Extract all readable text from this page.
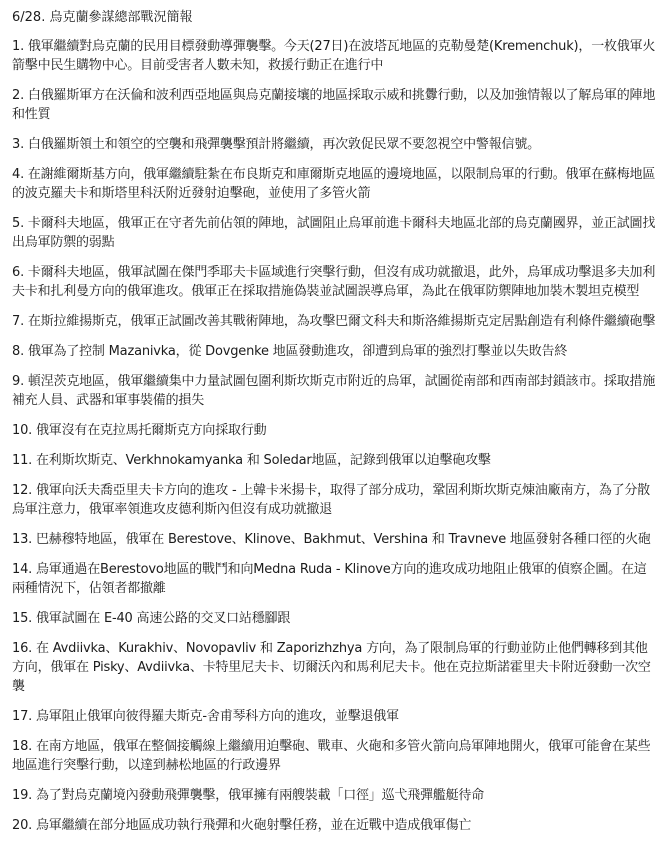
6/28. 烏克蘭參謀總部戰況簡報
1. 俄軍繼續對烏克蘭的民用目標發動導彈襲擊。今天(27日)在波塔瓦地區的克勒曼楚(Kremenchuk)，一枚俄軍火箭擊中民生購物中心。目前受害者人數未知，救援行動正在進行中
2. 白俄羅斯軍方在沃倫和波利西亞地區與烏克蘭接壤的地區採取示威和挑釁行動，以及加強情報以了解烏軍的陣地和性質
3. 白俄羅斯領土和領空的空襲和飛彈襲擊預計將繼續，再次敦促民眾不要忽視空中警報信號。
4. 在謝維爾斯基方向，俄軍繼續駐紮在布良斯克和庫爾斯克地區的邊境地區，以限制烏軍的行動。俄軍在蘇梅地區的波克羅夫卡和斯塔里科沃附近發射迫擊砲，並使用了多管火箭
5. 卡爾科夫地區，俄軍正在守者先前佔領的陣地，試圖阻止烏軍前進卡爾科夫地區北部的烏克蘭國界，並正試圖找出烏軍防禦的弱點
6. 卡爾科夫地區，俄軍試圖在傑門季耶夫卡區域進行突擊行動，但沒有成功就撤退，此外，烏軍成功擊退多夫加利夫卡和扎利曼方向的俄軍進攻。俄軍正在採取措施偽裝並試圖誤導烏軍，為此在俄軍防禦陣地加裝木製坦克模型
7. 在斯拉維揚斯克，俄軍正試圖改善其戰術陣地，為攻擊巴爾文科夫和斯洛維揚斯克定居點創造有利條件繼續砲擊
8. 俄軍為了控制 Mazanivka，從 Dovgenke 地區發動進攻，卻遭到烏軍的強烈打擊並以失敗告終
9. 頓涅茨克地區，俄軍繼續集中力量試圖包圍利斯坎斯克市附近的烏軍，試圖從南部和西南部封鎖該市。採取措施補充人員、武器和軍事裝備的損失
10. 俄軍沒有在克拉馬托爾斯克方向採取行動
11. 在利斯坎斯克、Verkhnokamyanka 和 Soledar地區，記錄到俄軍以迫擊砲攻擊
12. 俄軍向沃夫喬亞里夫卡方向的進攻 - 上韓卡米揚卡，取得了部分成功，鞏固利斯坎斯克煉油廠南方，為了分散烏軍注意力，俄軍率領進攻皮德利斯內但沒有成功就撤退
13. 巴赫穆特地區，俄軍在 Berestove、Klinove、Bakhmut、Vershina 和 Travneve 地區發射各種口徑的火砲
14. 烏軍通過在Berestovo地區的戰鬥和向Medna Ruda - Klinove方向的進攻成功地阻止俄軍的偵察企圖。在這兩種情況下，佔領者都撤離
15. 俄軍試圖在 E-40 高速公路的交叉口站穩腳跟
16. 在 Avdiivka、Kurakhiv、Novopavliv 和 Zaporizhzhya 方向，為了限制烏軍的行動並防止他們轉移到其他方向，俄軍在 Pisky、Avdiivka、卡特里尼夫卡、切爾沃內和馬利尼夫卡。他在克拉斯諾霍里夫卡附近發動一次空襲
17. 烏軍阻止俄軍向彼得羅夫斯克-舍甫琴科方向的進攻，並擊退俄軍
18. 在南方地區，俄軍在整個接觸線上繼續用迫擊砲、戰車、火砲和多管火箭向烏軍陣地開火，俄軍可能會在某些地區進行突擊行動，以達到赫松地區的行政邊界
19. 為了對烏克蘭境內發動飛彈襲擊，俄軍擁有兩艘裝載「口徑」巡弋飛彈艦艇待命
20. 烏軍繼續在部分地區成功執行飛彈和火砲射擊任務，並在近戰中造成俄軍傷亡
